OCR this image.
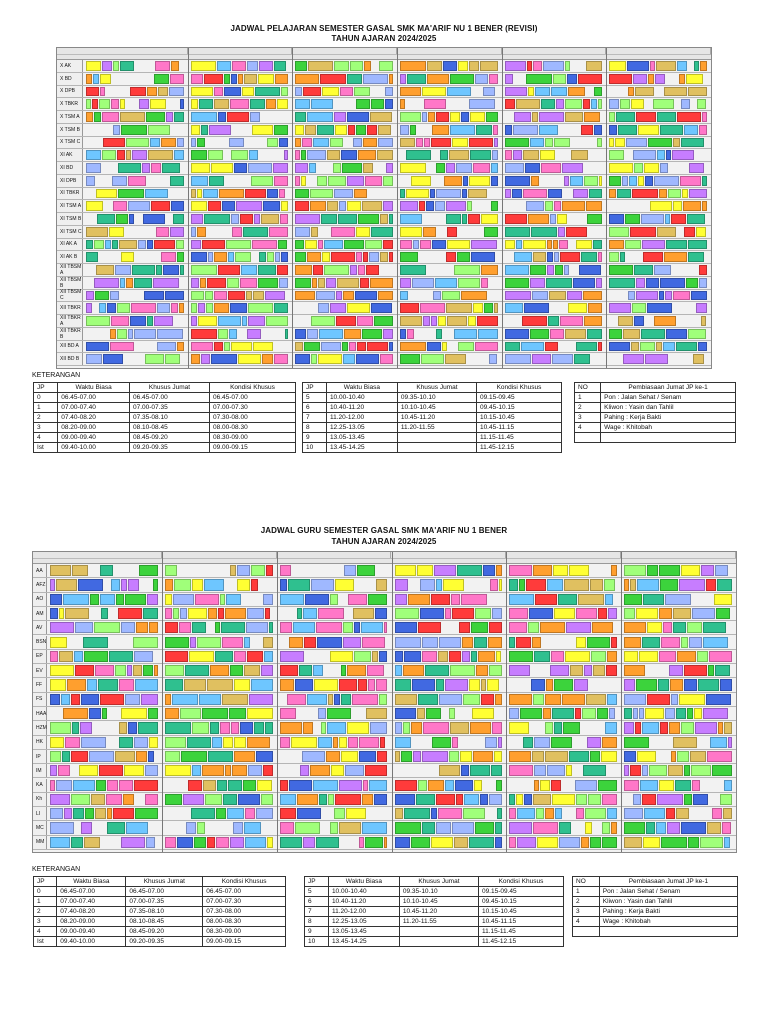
JADWAL PELAJARAN SEMESTER GASAL SMK MA'ARIF NU 1 BENER (REVISI)
TAHUN AJARAN 2024/2025
X AK
X BD
X DPB
X TBKR
X TSM A
X TSM B
X TSM C
XI AK
XI BD
XI DPB
XI TBKR
XI TSM A
XI TSM B
XI TSM C
XI AK A
XI AK B
XII TBSM A
XII TBSM B
XII TBSM C
XII TBKR
XII TBKR A
XII TBKR B
XII BD A
XII BD B
KETERANGAN
JP	Waktu Biasa	Khusus Jumat	Kondisi Khusus
0	06.45-07.00	06.45-07.00	06.45-07.00
1	07.00-07.40	07.00-07.35	07.00-07.30
2	07.40-08.20	07.35-08.10	07.30-08.00
3	08.20-09.00	08.10-08.45	08.00-08.30
4	09.00-09.40	08.45-09.20	08.30-09.00
Ist	09.40-10.00	09.20-09.35	09.00-09.15
JP	Waktu Biasa	Khusus Jumat	Kondisi Khusus
5	10.00-10.40	09.35-10.10	09.15-09.45
6	10.40-11.20	10.10-10.45	09.45-10.15
7	11.20-12.00	10.45-11.20	10.15-10.45
8	12.25-13.05	11.20-11.55	10.45-11.15
9	13.05-13.45		11.15-11.45
10	13.45-14.25		11.45-12.15
NO	Pembiasaan Jumat JP ke-1
1	Pon : Jalan Sehat / Senam
2	Kliwon : Yasin dan Tahlil
3	Pahing : Kerja Bakti
4	Wage : Khitobah

JADWAL GURU SEMESTER GASAL SMK MA'ARIF NU 1 BENER
TAHUN AJARAN 2024/2025
AA
AFZ
AO
AM
AV
BSN
EP
EV
FF
FS
HAA
HZM
HK
IP
IM
KA
Kh
LI
MC
MM
KETERANGAN
JP	Waktu Biasa	Khusus Jumat	Kondisi Khusus
0	06.45-07.00	06.45-07.00	06.45-07.00
1	07.00-07.40	07.00-07.35	07.00-07.30
2	07.40-08.20	07.35-08.10	07.30-08.00
3	08.20-09.00	08.10-08.45	08.00-08.30
4	09.00-09.40	08.45-09.20	08.30-09.00
Ist	09.40-10.00	09.20-09.35	09.00-09.15
JP	Waktu Biasa	Khusus Jumat	Kondisi Khusus
5	10.00-10.40	09.35-10.10	09.15-09.45
6	10.40-11.20	10.10-10.45	09.45-10.15
7	11.20-12.00	10.45-11.20	10.15-10.45
8	12.25-13.05	11.20-11.55	10.45-11.15
9	13.05-13.45		11.15-11.45
10	13.45-14.25		11.45-12.15
NO	Pembiasaan Jumat JP ke-1
1	Pon : Jalan Sehat / Senam
2	Kliwon : Yasin dan Tahlil
3	Pahing : Kerja Bakti
4	Wage : Khitobah
